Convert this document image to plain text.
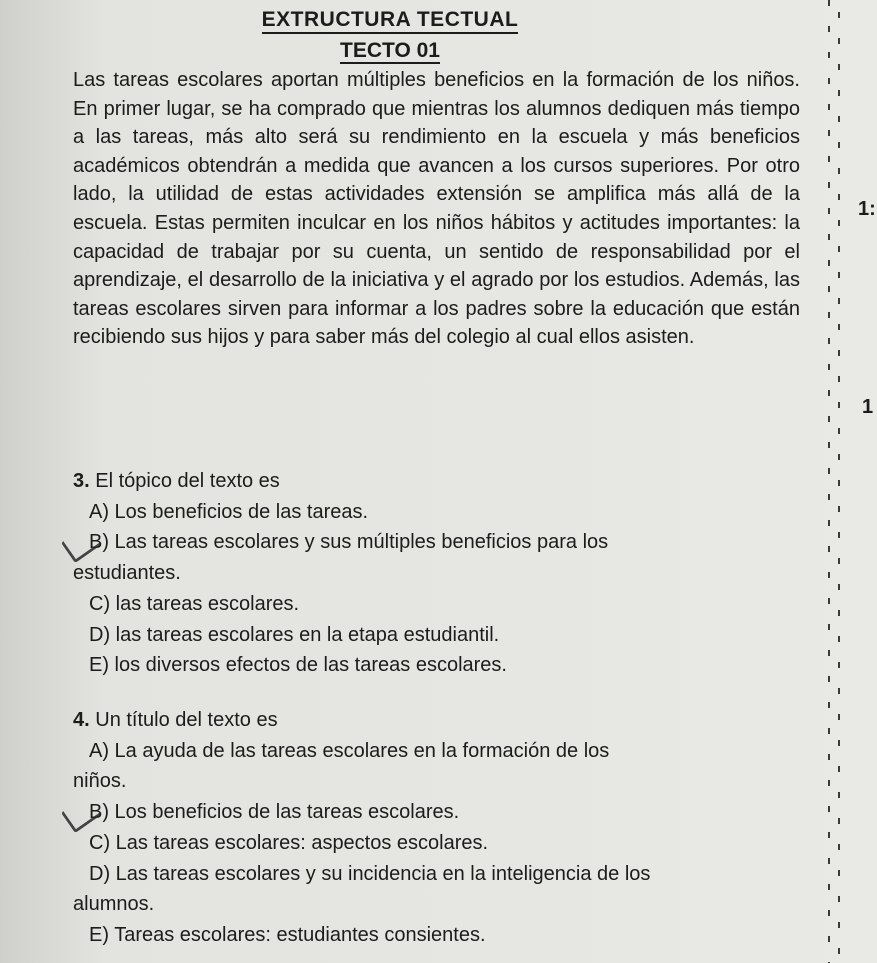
EXTRUCTURA TECTUAL
TECTO 01
Las tareas escolares aportan múltiples beneficios en la formación de los niños. En primer lugar, se ha comprado que mientras los alumnos dediquen más tiempo a las tareas, más alto será su rendimiento en la escuela y más beneficios académicos obtendrán a medida que avancen a los cursos superiores. Por otro lado, la utilidad de estas actividades extensión se amplifica más allá de la escuela. Estas permiten inculcar en los niños hábitos y actitudes importantes: la capacidad de trabajar por su cuenta, un sentido de responsabilidad por el aprendizaje, el desarrollo de la iniciativa y el agrado por los estudios. Además, las tareas escolares sirven para informar a los padres sobre la educación que están recibiendo sus hijos y para saber más del colegio al cual ellos asisten.
3. El tópico del texto es
A) Los beneficios de las tareas.
B) Las tareas escolares y sus múltiples beneficios para los
estudiantes.
C) las tareas escolares.
D) las tareas escolares en la etapa estudiantil.
E) los diversos efectos de las tareas escolares.
4. Un título del texto es
A) La ayuda de las tareas escolares en la formación de los
niños.
B) Los beneficios de las tareas escolares.
C) Las tareas escolares: aspectos escolares.
D) Las tareas escolares y su incidencia en la inteligencia de los
alumnos.
E) Tareas escolares: estudiantes consientes.
1:
1
